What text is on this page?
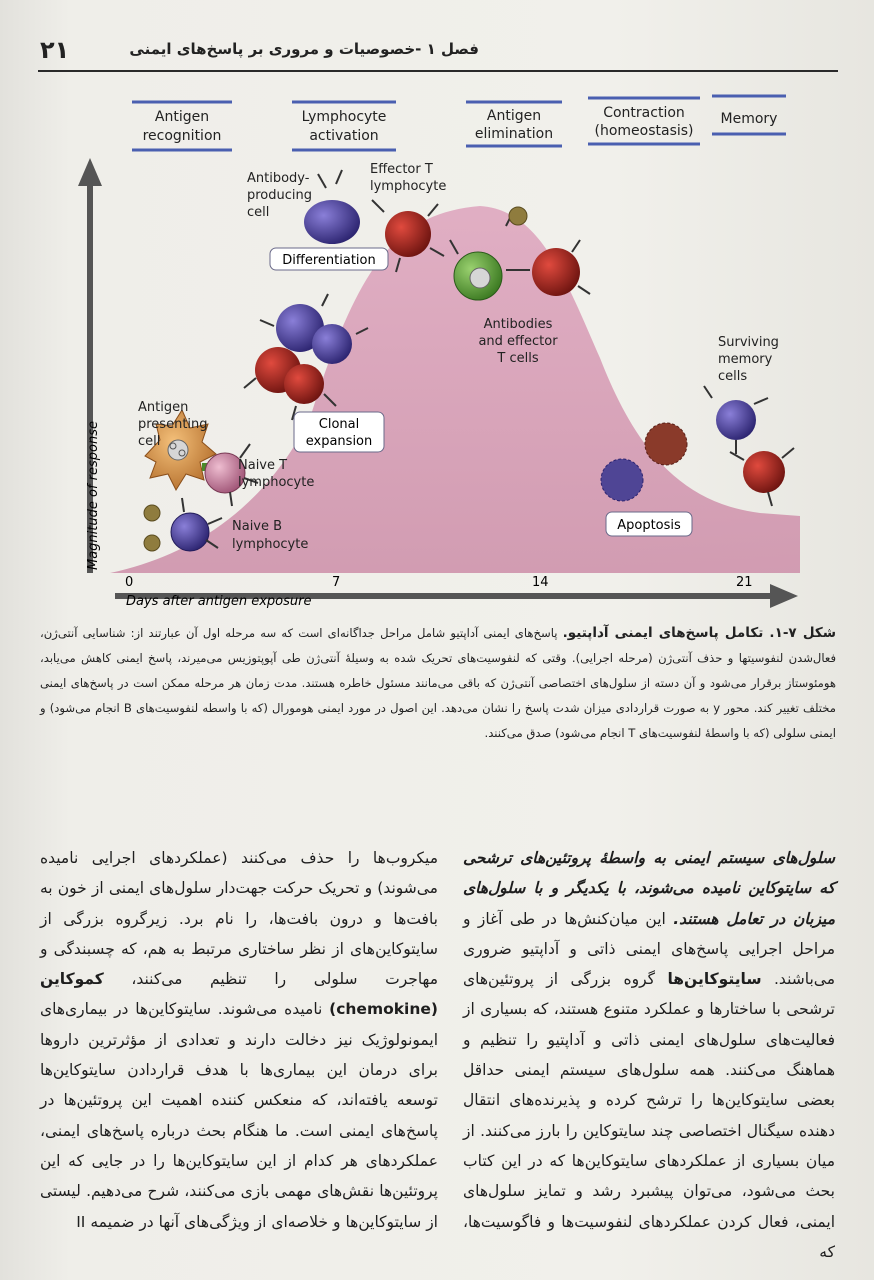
۲۱	فصل ۱ -خصوصیات و مروری بر پاسخ‌های ایمنی
Magnitude of response
Days after antigen exposure
0	7	14	21
Antigen
recognition
Lymphocyte
activation
Antigen
elimination
Contraction
(homeostasis)
Memory
Antigen
presenting
cell
Naive T
lymphocyte
Naive B
lymphocyte
Antibody-
producing
cell
Effector T
lymphocyte
Antibodies
and effector
T cells
Surviving
memory
cells
Differentiation
Clonal
expansion
Apoptosis
شکل ۷-۱. تکامل پاسخ‌های ایمنی آداپتیو. پاسخ‌های ایمنی آداپتیو شامل مراحل جداگانه‌ای است که سه مرحله اول آن عبارتند از: شناسایی آنتی‌ژن، فعال‌شدن لنفوسیتها و حذف آنتی‌ژن (مرحله اجرایی). وقتی که لنفوسیت‌های تحریک شده به وسیلهٔ آنتی‌ژن طی آپوپتوزیس می‌میرند، پاسخ ایمنی کاهش می‌یابد، هومئوستاز برقرار می‌شود و آن دسته از سلول‌های اختصاصی آنتی‌ژن که باقی می‌مانند مسئول خاطره هستند. مدت زمان هر مرحله ممکن است در پاسخ‌های ایمنی مختلف تغییر کند. محور y به صورت قراردادی میزان شدت پاسخ را نشان می‌دهد. این اصول در مورد ایمنی هومورال (که با واسطه لنفوسیت‌های B انجام می‌شود) و ایمنی سلولی (که با واسطهٔ لنفوسیت‌های T انجام می‌شود) صدق می‌کنند.

سلول‌های سیستم ایمنی به واسطهٔ پروتئین‌های ترشحی که سایتوکاین نامیده می‌شوند، با یکدیگر و با سلول‌های میزبان در تعامل هستند. این میان‌کنش‌ها در طی آغاز و مراحل اجرایی پاسخ‌های ایمنی ذاتی و آداپتیو ضروری می‌باشند. سایتوکاین‌ها گروه بزرگی از پروتئین‌های ترشحی با ساختارها و عملکرد متنوع هستند، که بسیاری از فعالیت‌های سلول‌های ایمنی ذاتی و آداپتیو را تنظیم و هماهنگ می‌کنند. همه سلول‌های سیستم ایمنی حداقل بعضی سایتوکاین‌ها را ترشح کرده و پذیرنده‌های انتقال دهنده سیگنال اختصاصی چند سایتوکاین را بارز می‌کنند. از میان بسیاری از عملکردهای سایتوکاین‌ها که در این کتاب بحث می‌شود، می‌توان پیشبرد رشد و تمایز سلول‌های ایمنی، فعال کردن عملکردهای لنفوسیت‌ها و فاگوسیت‌ها، که

میکروب‌ها را حذف می‌کنند (عملکردهای اجرایی نامیده می‌شوند) و تحریک حرکت جهت‌دار سلول‌های ایمنی از خون به بافت‌ها و درون بافت‌ها، را نام برد. زیرگروه بزرگی از سایتوکاین‌های از نظر ساختاری مرتبط به هم، که چسبندگی و مهاجرت سلولی را تنظیم می‌کنند، کموکاین (chemokine) نامیده می‌شوند. سایتوکاین‌ها در بیماری‌های ایمونولوژیک نیز دخالت دارند و تعدادی از مؤثرترین داروها برای درمان این بیماری‌ها با هدف قراردادن سایتوکاین‌ها توسعه یافته‌اند، که منعکس کننده اهمیت این پروتئین‌ها در پاسخ‌های ایمنی است. ما هنگام بحث درباره پاسخ‌های ایمنی، عملکردهای هر کدام از این سایتوکاین‌ها را در جایی که این پروتئین‌ها نقش‌های مهمی بازی می‌کنند، شرح می‌دهیم. لیستی از سایتوکاین‌ها و خلاصه‌ای از ویژگی‌های آنها در ضمیمه II
